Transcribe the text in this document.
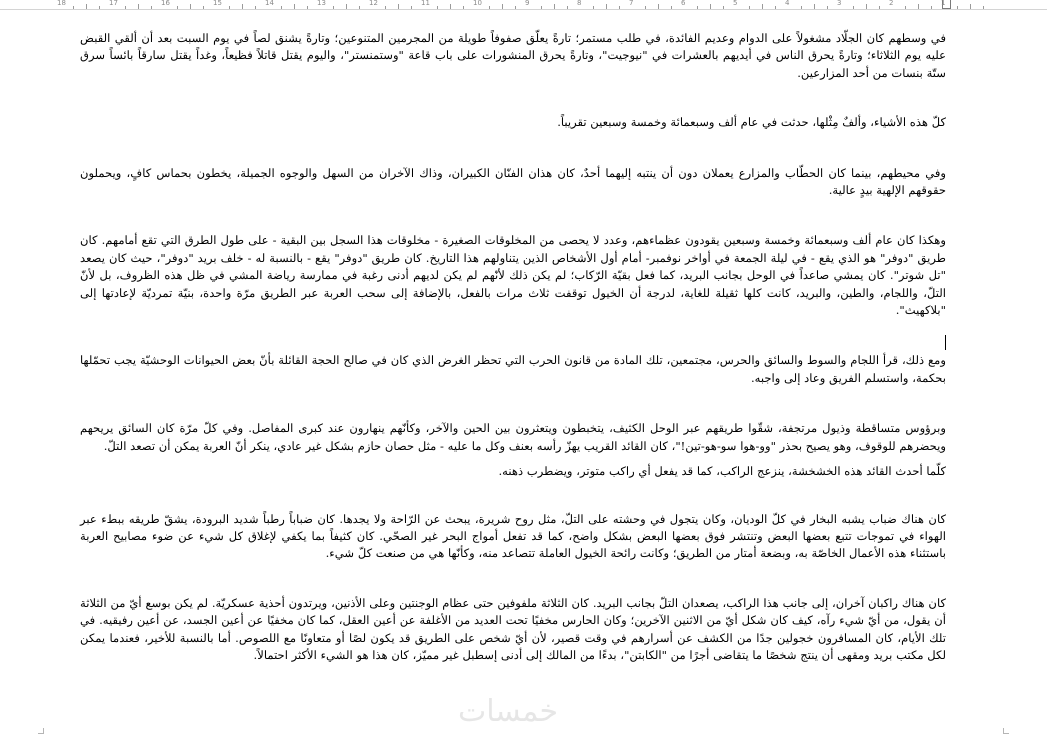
18	17	16	15	14	13	12	11	10	9	8	7	6	5	4	3	2	1

في وسطهم كان الجلّاد مشغولاً على الدوام وعديم الفائدة، في طلب مستمر؛ تارةً يعلّق صفوفاً طويلة من المجرمين المتنوعين؛ وتارةً يشنق لصاً في يوم السبت بعد أن ألقي القبض عليه يوم الثلاثاء؛ وتارةً يحرق الناس في أيديهم بالعشرات في "نيوجيت"، وتارةً يحرق المنشورات على باب قاعة "وستمنستر"، واليوم يقتل قاتلاً فظيعاً، وغداً يقتل سارقاً بائساً سرق ستّة بنسات من أحد المزارعين.

كلّ هذه الأشياء، وألفٌ مِثْلها، حدثت في عام ألف وسبعمائة وخمسة وسبعين تقريباً.

وفي محيطهم، بينما كان الحطّاب والمزارع يعملان دون أن ينتبه إليهما أحدٌ، كان هذان الفنّان الكبيران، وذاك الآخران من السهل والوجوه الجميلة، يخطون بحماس كافٍ، ويحملون حقوقهم الإلهية بيدٍ عالية.

وهكذا كان عام ألف وسبعمائة وخمسة وسبعين يقودون عظماءهم، وعدد لا يحصى من المخلوقات الصغيرة - مخلوقات هذا السجل بين البقية - على طول الطرق التي تقع أمامهم. كان طريق "دوفر" هو الذي يقع - في ليلة الجمعة في أواخر نوفمبر- أمام أول الأشخاص الذين يتناولهم هذا التاريخ. كان طريق "دوفر" يقع - بالنسبة له - خلف بريد "دوفر"، حيث كان يصعد "تل شوتر". كان يمشي صاعداً في الوحل بجانب البريد، كما فعل بقيّة الرّكاب؛ لم يكن ذلك لأنّهم لم يكن لديهم أدنى رغبة في ممارسة رياضة المشي في ظل هذه الظروف، بل لأنّ التلّ، واللجام، والطين، والبريد، كانت كلها ثقيلة للغاية، لدرجة أن الخيول توقفت ثلاث مرات بالفعل، بالإضافة إلى سحب العربة عبر الطريق مرّة واحدة، بنيّة تمرديّة لإعادتها إلى "بلاكهيث".

ومع ذلك، قرأ اللجام والسوط والسائق والحرس، مجتمعين، تلك المادة من قانون الحرب التي تحظر الغرض الذي كان في صالح الحجة القائلة بأنّ بعض الحيوانات الوحشيّة يجب تحمّلها بحكمة، واستسلم الفريق وعاد إلى واجبه.

وبرؤوس متساقطة وذيول مرتجفة، شقّوا طريقهم عبر الوحل الكثيف، يتخبطون ويتعثرون بين الحين والآخر، وكأنّهم ينهارون عند كبرى المفاصل. وفي كلّ مرّة كان السائق يريحهم ويحضرهم للوقوف، وهو يصيح بحذر "وو-هوا سو-هو-تين!"، كان القائد القريب يهزّ رأسه بعنف وكل ما عليه - مثل حصان حازم بشكل غير عادي، ينكر أنّ العربة يمكن أن تصعد التلّ.

كلّما أحدث القائد هذه الخشخشة، ينزعج الراكب، كما قد يفعل أي راكب متوتر، ويضطرب ذهنه.

كان هناك ضباب يشبه البخار في كلّ الوديان، وكان يتجول في وحشته على التلّ، مثل روح شريرة، يبحث عن الرّاحة ولا يجدها. كان ضباباً رطباً شديد البرودة، يشقّ طريقه ببطء عبر الهواء في تموجات تتبع بعضها البعض وتنتشر فوق بعضها البعض بشكل واضح، كما قد تفعل أمواج البحر غير الصحّي. كان كثيفاً بما يكفي لإغلاق كل شيء عن ضوء مصابيح العربة باستثناء هذه الأعمال الخاصّة به، وبضعة أمتار من الطريق؛ وكانت رائحة الخيول العاملة تتصاعد منه، وكأنّها هي من صنعت كلّ شيء.

كان هناك راكبان آخران، إلى جانب هذا الراكب، يصعدان التلّ بجانب البريد. كان الثلاثة ملفوفين حتى عظام الوجنتين وعلى الأذنين، ويرتدون أحذية عسكريّة. لم يكن بوسع أيّ من الثلاثة أن يقول، من أيّ شيء رآه، كيف كان شكل أيّ من الاثنين الآخرين؛ وكان الحارس مخفيًا تحت العديد من الأغلفة عن أعين العقل، كما كان مخفيًا عن أعين الجسد، عن أعين رفيقيه. في تلك الأيام، كان المسافرون خجولين جدًا من الكشف عن أسرارهم في وقت قصير، لأن أيّ شخص على الطريق قد يكون لصًا أو متعاونًا مع اللصوص. أما بالنسبة للأخير، فعندما يمكن لكل مكتب بريد ومقهى أن ينتج شخصًا ما يتقاضى أجرًا من "الكابتن"، بدءًا من المالك إلى أدنى إسطبل غير مميّز، كان هذا هو الشيء الأكثر احتمالاً.

خمسات
